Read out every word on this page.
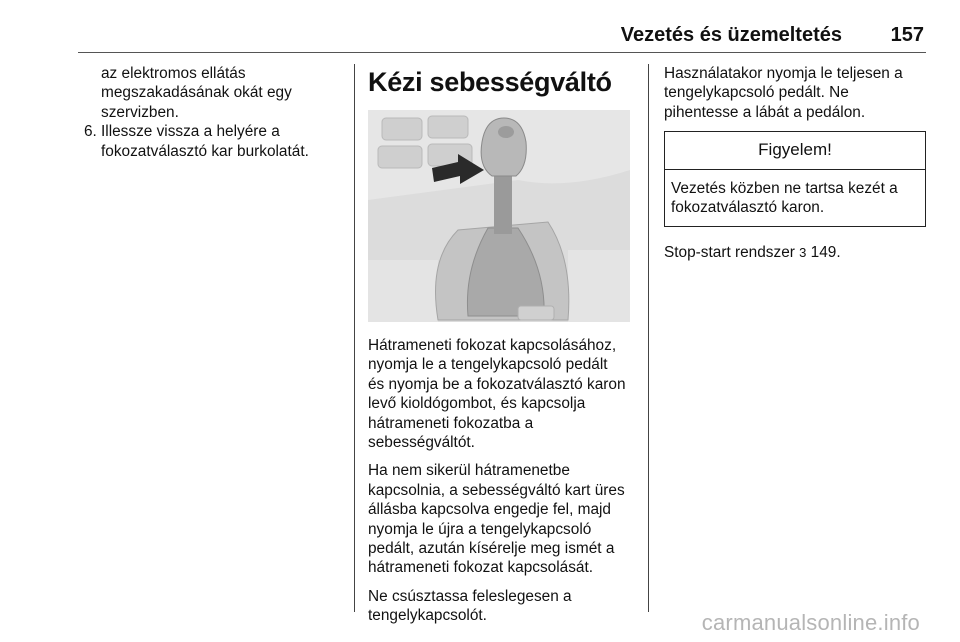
Vezetés és üzemeltetés 157

az elektromos ellátás
megszakadásának okát egy
szervizben.

6. Illessze vissza a helyére a
fokozatválasztó kar burkolatát.
Kézi sebességváltó

Hátrameneti fokozat kapcsolásához,
nyomja le a tengelykapcsoló pedált
és nyomja be a fokozatválasztó karon
levő kioldógombot, és kapcsolja
hátrameneti fokozatba a
sebességváltót.

Ha nem sikerül hátramenetbe
kapcsolnia, a sebességváltó kart üres
állásba kapcsolva engedje fel, majd
nyomja le újra a tengelykapcsoló
pedált, azután kísérelje meg ismét a
hátrameneti fokozat kapcsolását.

Ne csúsztassa feleslegesen a
tengelykapcsolót.

Használatakor nyomja le teljesen a
tengelykapcsoló pedált. Ne
pihentesse a lábát a pedálon.

Figyelem!
Vezetés közben ne tartsa kezét a
fokozatválasztó karon.

Stop-start rendszer 3 149.

carmanualsonline.info
